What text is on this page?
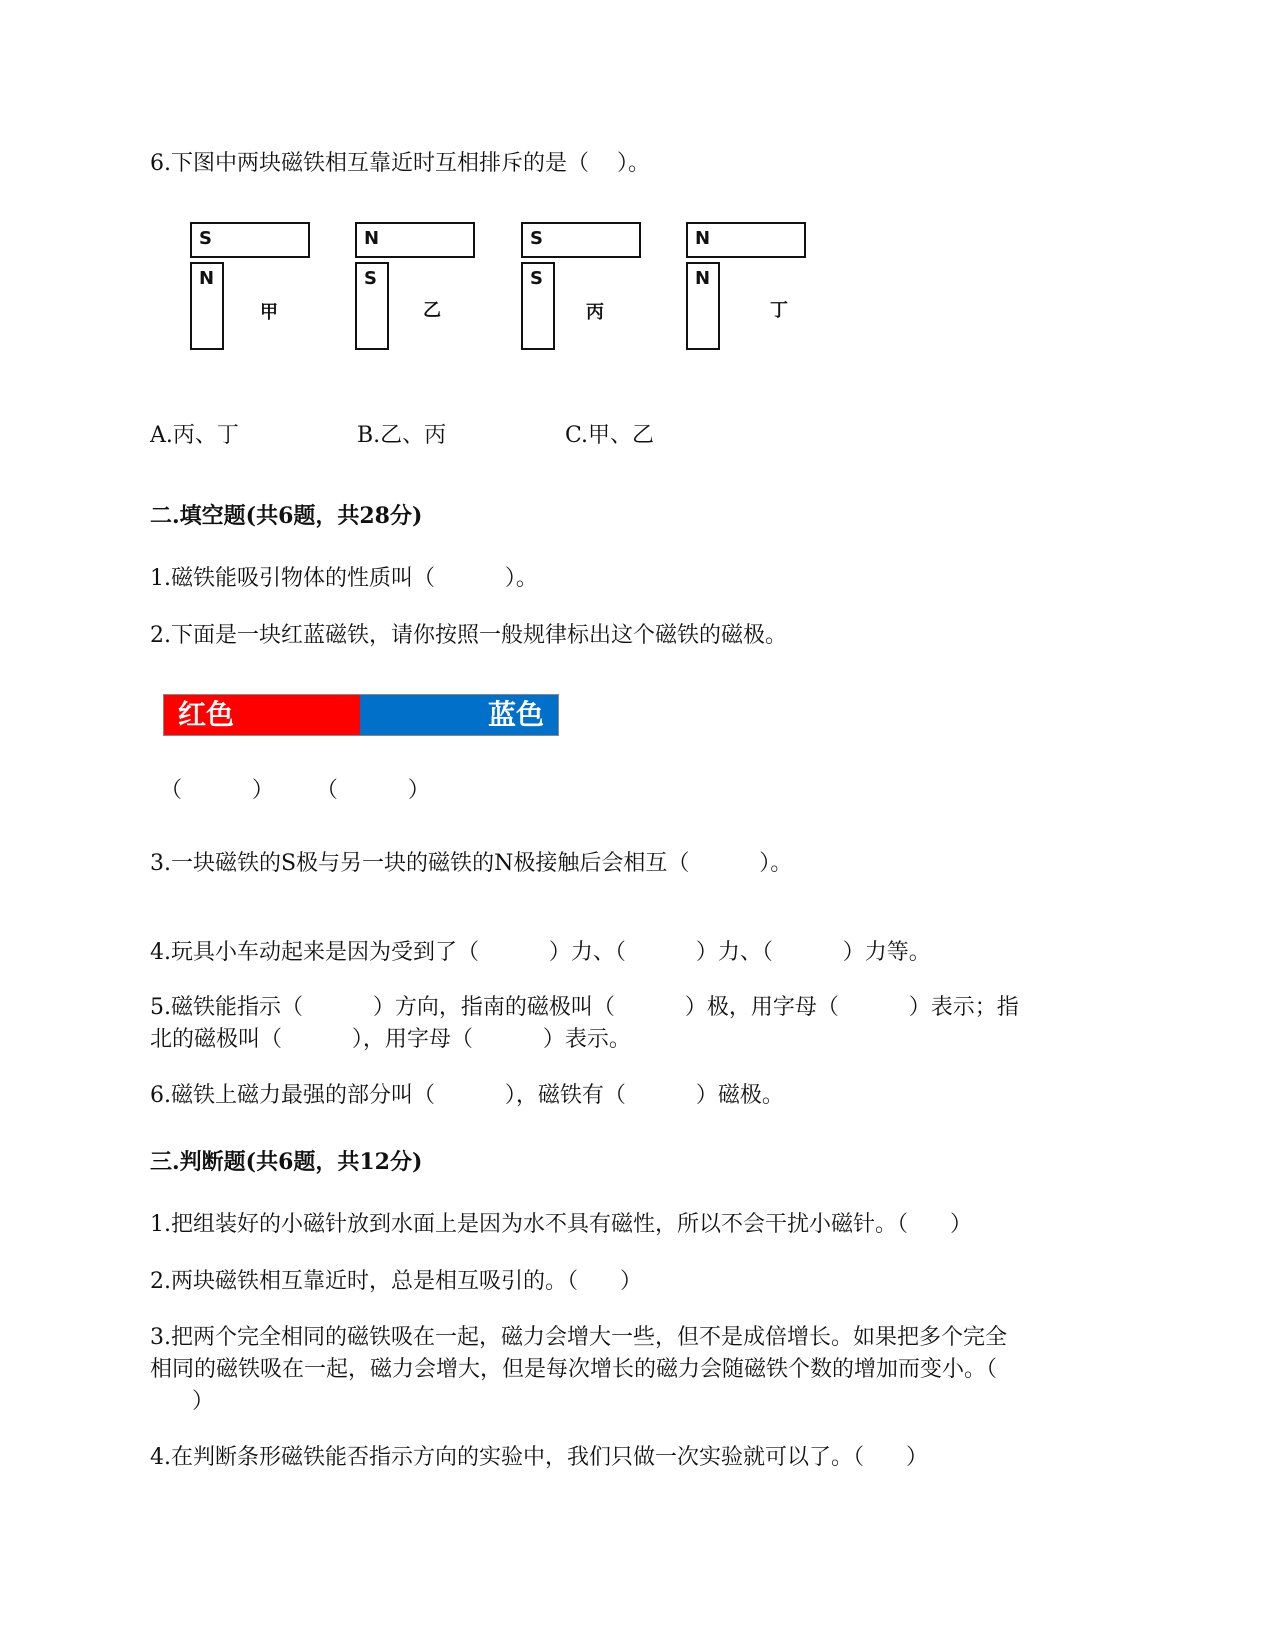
6.下图中两块磁铁相互靠近时互相排斥的是（    ）。
S
N
甲
N
S
乙
S
S
丙
N
N
丁
A.丙、丁	B.乙、丙	C.甲、乙
二.填空题(共6题，共28分)
1.磁铁能吸引物体的性质叫（          ）。
2.下面是一块红蓝磁铁，请你按照一般规律标出这个磁铁的磁极。
红色	蓝色
（          ）      （          ）
3.一块磁铁的S极与另一块的磁铁的N极接触后会相互（          ）。
4.玩具小车动起来是因为受到了（          ）力、（          ）力、（          ）力等。
5.磁铁能指示（          ）方向，指南的磁极叫（          ）极，用字母（          ）表示；指
北的磁极叫（          ），用字母（          ）表示。
6.磁铁上磁力最强的部分叫（          ），磁铁有（          ）磁极。
三.判断题(共6题，共12分)
1.把组装好的小磁针放到水面上是因为水不具有磁性，所以不会干扰小磁针。（      ）
2.两块磁铁相互靠近时，总是相互吸引的。（      ）
3.把两个完全相同的磁铁吸在一起，磁力会增大一些，但不是成倍增长。如果把多个完全
相同的磁铁吸在一起，磁力会增大，但是每次增长的磁力会随磁铁个数的增加而变小。（
）
4.在判断条形磁铁能否指示方向的实验中，我们只做一次实验就可以了。（      ）
